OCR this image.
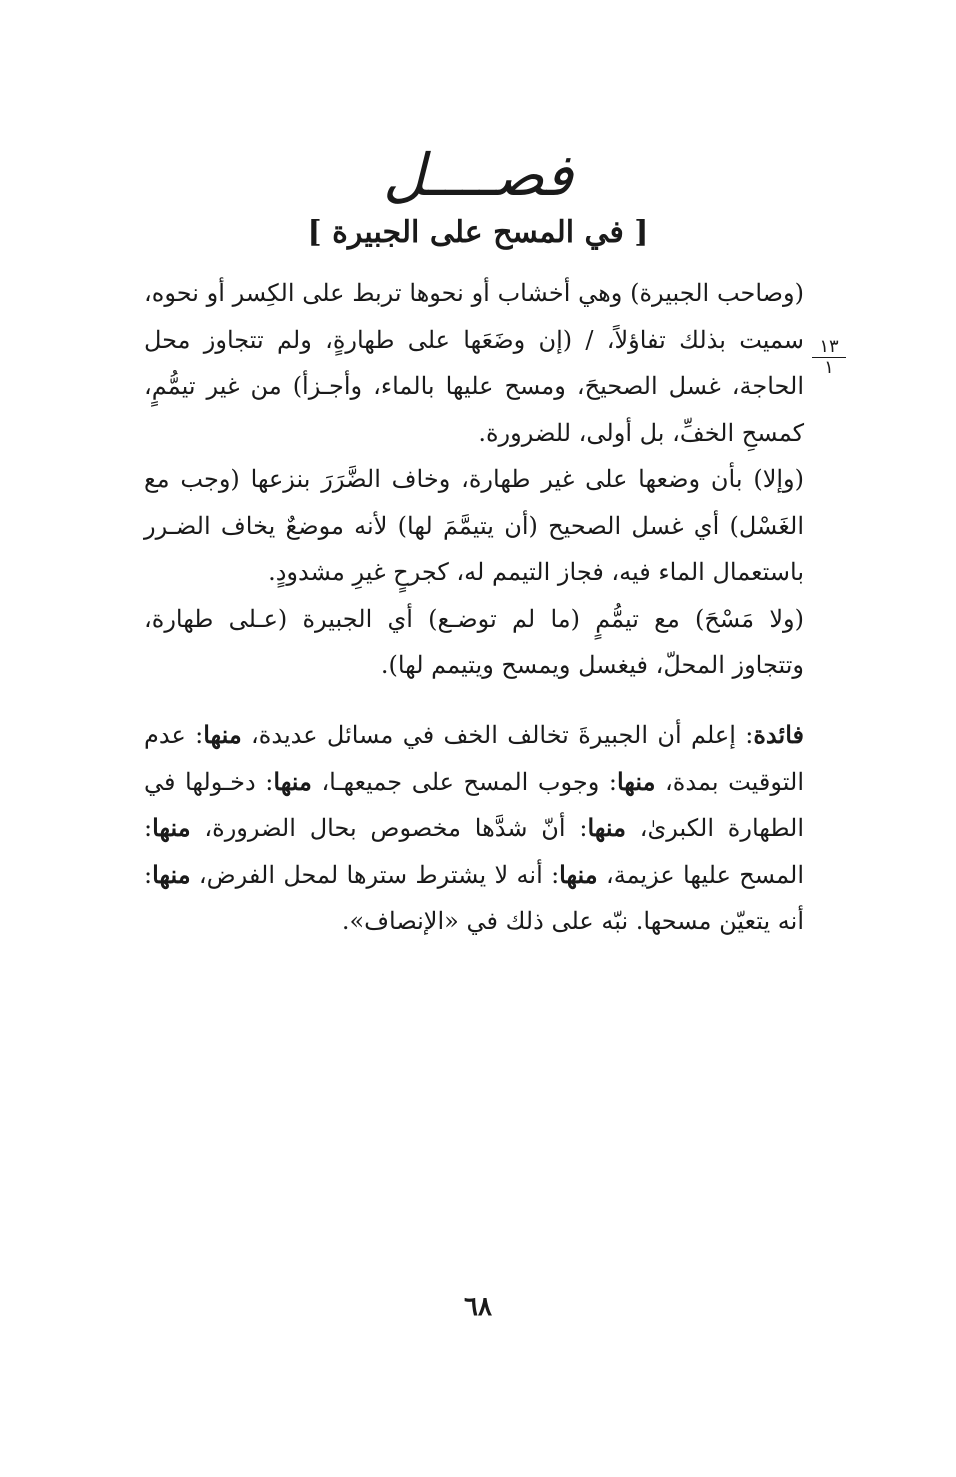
فصــــل
[ في المسح على الجبيرة ]
١٣
١

(وصاحب الجبيرة) وهي أخشاب أو نحوها تربط على الكِسر أو نحوه، سميت بذلك تفاؤلاً، / (إن وضَعَها على طهارةٍ، ولم تتجاوز محل الحاجة، غسل الصحيحَ، ومسح عليها بالماء، وأجـزأ) من غير تيمُّمٍ، كمسحِ الخفِّ، بل أولى، للضرورة.

(وإلا) بأن وضعها على غير طهارة، وخاف الضَّرَرَ بنزعها (وجب مع الغَسْل) أي غسل الصحيح (أن يتيمَّمَ لها) لأنه موضعٌ يخاف الضـرر باستعمال الماء فيه، فجاز التيمم له، كجرحٍ غيرِ مشدودٍ.

(ولا مَسْحَ) مع تيمُّمٍ (ما لم توضـع) أي الجبيرة (عـلى طهارة، وتتجاوز المحلّ، فيغسل ويمسح ويتيمم لها).

فائدة: إعلم أن الجبيرةَ تخالف الخف في مسائل عديدة، منها: عدم التوقيت بمدة، منها: وجوب المسح على جميعهـا، منها: دخـولها في الطهارة الكبرىٰ، منها: أنّ شدَّها مخصوص بحال الضرورة، منها: المسح عليها عزيمة، منها: أنه لا يشترط سترها لمحل الفرض، منها: أنه يتعيّن مسحها. نبّه على ذلك في «الإنصاف».

٦٨
